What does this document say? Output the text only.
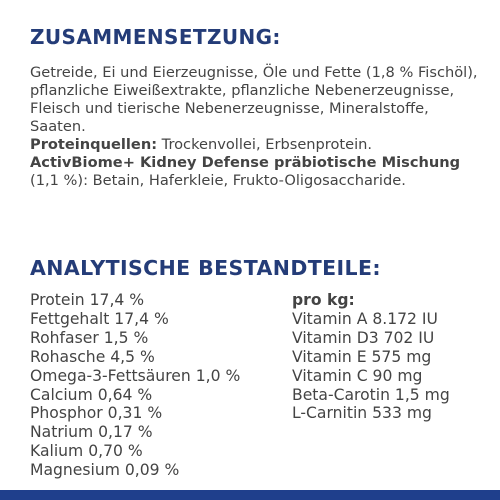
ZUSAMMENSETZUNG:

Getreide, Ei und Eierzeugnisse, Öle und Fette (1,8 % Fischöl), pflanzliche Eiweißextrakte, pflanzliche Nebenerzeugnisse, Fleisch und tierische Nebenerzeugnisse, Mineralstoffe, Saaten.
Proteinquellen: Trockenvollei, Erbsenprotein.
ActivBiome+ Kidney Defense präbiotische Mischung
(1,1 %): Betain, Haferkleie, Frukto-Oligosaccharide.

ANALYTISCHE BESTANDTEILE:
Protein 17,4 %
Fettgehalt 17,4 %
Rohfaser 1,5 %
Rohasche 4,5 %
Omega-3-Fettsäuren 1,0 %
Calcium 0,64 %
Phosphor 0,31 %
Natrium 0,17 %
Kalium 0,70 %
Magnesium 0,09 %
pro kg:
Vitamin A 8.172 IU
Vitamin D3 702 IU
Vitamin E 575 mg
Vitamin C 90 mg
Beta-Carotin 1,5 mg
L-Carnitin 533 mg
